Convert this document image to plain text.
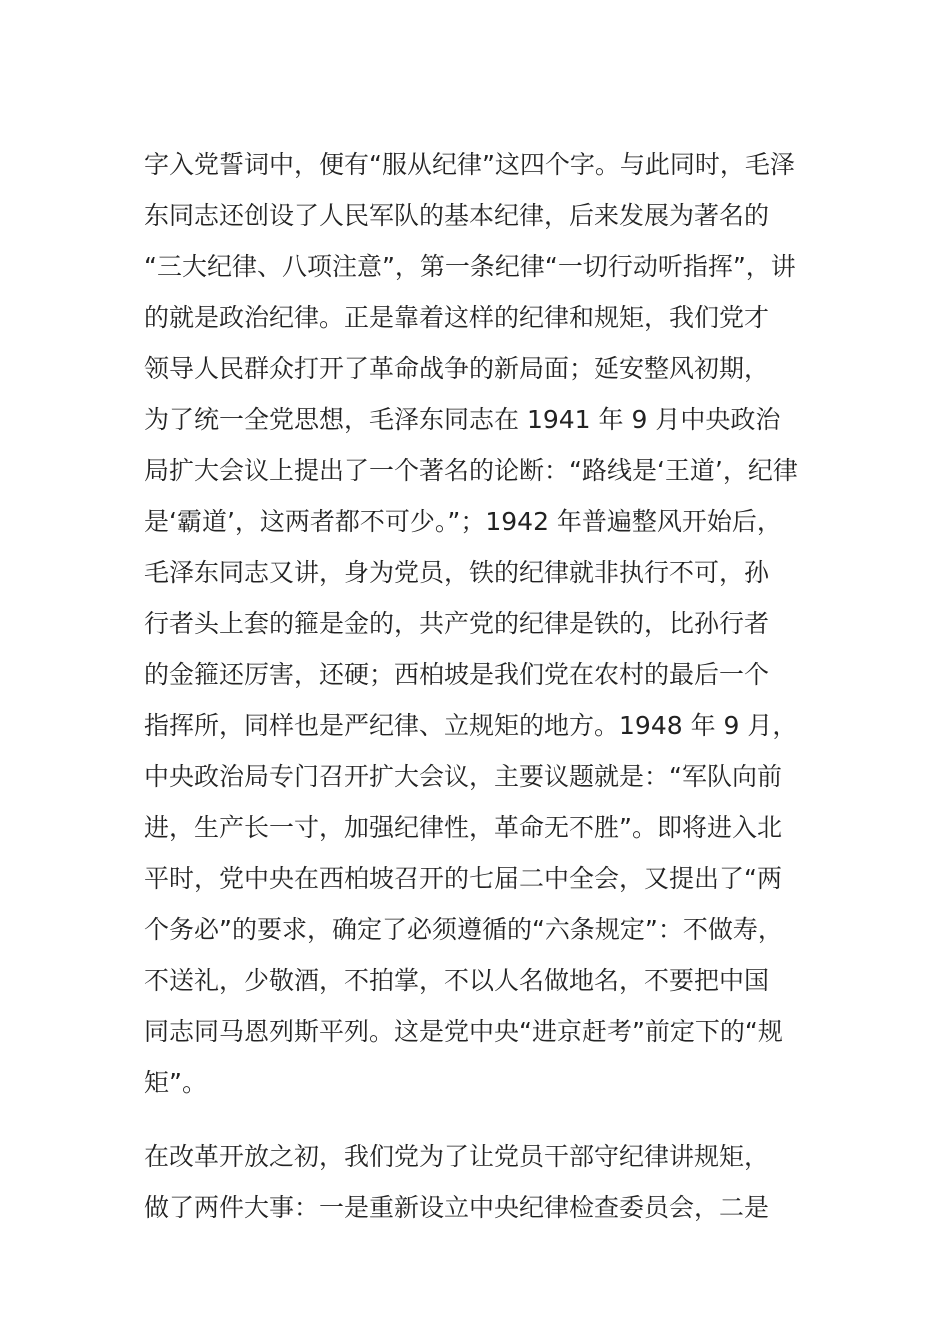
字入党誓词中，便有“服从纪律”这四个字。与此同时，毛泽
东同志还创设了人民军队的基本纪律，后来发展为著名的
“三大纪律、八项注意”，第一条纪律“一切行动听指挥”，讲
的就是政治纪律。正是靠着这样的纪律和规矩，我们党才
领导人民群众打开了革命战争的新局面；延安整风初期，
为了统一全党思想，毛泽东同志在 1941 年 9 月中央政治
局扩大会议上提出了一个著名的论断：“路线是‘王道’，纪律
是‘霸道’，这两者都不可少。”；1942 年普遍整风开始后，
毛泽东同志又讲，身为党员，铁的纪律就非执行不可，孙
行者头上套的箍是金的，共产党的纪律是铁的，比孙行者
的金箍还厉害，还硬；西柏坡是我们党在农村的最后一个
指挥所，同样也是严纪律、立规矩的地方。1948 年 9 月，
中央政治局专门召开扩大会议，主要议题就是：“军队向前
进，生产长一寸，加强纪律性，革命无不胜”。即将进入北
平时，党中央在西柏坡召开的七届二中全会，又提出了“两
个务必”的要求，确定了必须遵循的“六条规定”：不做寿，
不送礼，少敬酒，不拍掌，不以人名做地名，不要把中国
同志同马恩列斯平列。这是党中央“进京赶考”前定下的“规
矩”。
在改革开放之初，我们党为了让党员干部守纪律讲规矩，
做了两件大事：一是重新设立中央纪律检查委员会，二是
